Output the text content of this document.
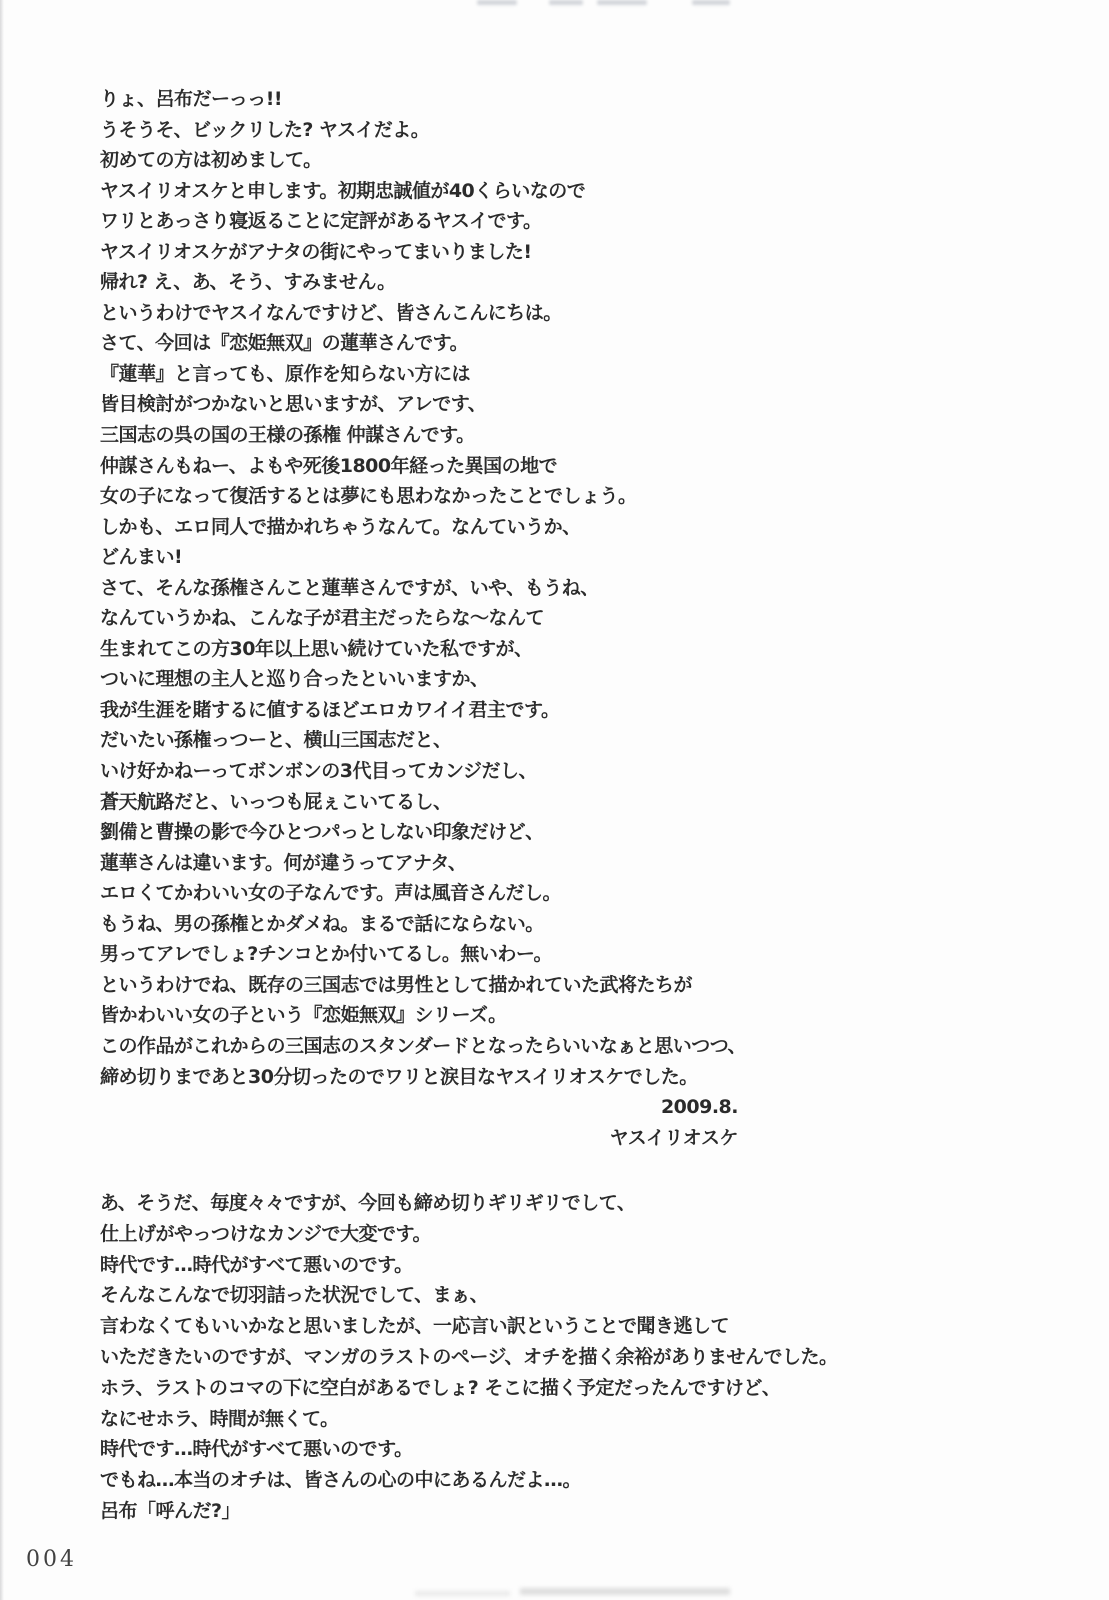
りょ、呂布だーっっ!!
うそうそ、ビックリした? ヤスイだよ。
初めての方は初めまして。
ヤスイリオスケと申します。初期忠誠値が40くらいなので
ワリとあっさり寝返ることに定評があるヤスイです。
ヤスイリオスケがアナタの街にやってまいりました!
帰れ? え、あ、そう、すみません。
というわけでヤスイなんですけど、皆さんこんにちは。
さて、今回は『恋姫無双』の蓮華さんです。
『蓮華』と言っても、原作を知らない方には
皆目検討がつかないと思いますが、アレです、
三国志の呉の国の王様の孫権 仲謀さんです。
仲謀さんもねー、よもや死後1800年経った異国の地で
女の子になって復活するとは夢にも思わなかったことでしょう。
しかも、エロ同人で描かれちゃうなんて。なんていうか、
どんまい!
さて、そんな孫権さんこと蓮華さんですが、いや、もうね、
なんていうかね、こんな子が君主だったらな〜なんて
生まれてこの方30年以上思い続けていた私ですが、
ついに理想の主人と巡り合ったといいますか、
我が生涯を賭するに値するほどエロカワイイ君主です。
だいたい孫権っつーと、横山三国志だと、
いけ好かねーってボンボンの3代目ってカンジだし、
蒼天航路だと、いっつも屁ぇこいてるし、
劉備と曹操の影で今ひとつパっとしない印象だけど、
蓮華さんは違います。何が違うってアナタ、
エロくてかわいい女の子なんです。声は風音さんだし。
もうね、男の孫権とかダメね。まるで話にならない。
男ってアレでしょ?チンコとか付いてるし。無いわー。
というわけでね、既存の三国志では男性として描かれていた武将たちが
皆かわいい女の子という『恋姫無双』シリーズ。
この作品がこれからの三国志のスタンダードとなったらいいなぁと思いつつ、
締め切りまであと30分切ったのでワリと涙目なヤスイリオスケでした。
2009.8.
ヤスイリオスケ
あ、そうだ、毎度々々ですが、今回も締め切りギリギリでして、
仕上げがやっつけなカンジで大変です。
時代です…時代がすべて悪いのです。
そんなこんなで切羽詰った状況でして、まぁ、
言わなくてもいいかなと思いましたが、一応言い訳ということで聞き逃して
いただきたいのですが、マンガのラストのページ、オチを描く余裕がありませんでした。
ホラ、ラストのコマの下に空白があるでしょ? そこに描く予定だったんですけど、
なにせホラ、時間が無くて。
時代です…時代がすべて悪いのです。
でもね…本当のオチは、皆さんの心の中にあるんだよ…。
呂布「呼んだ?」
004
